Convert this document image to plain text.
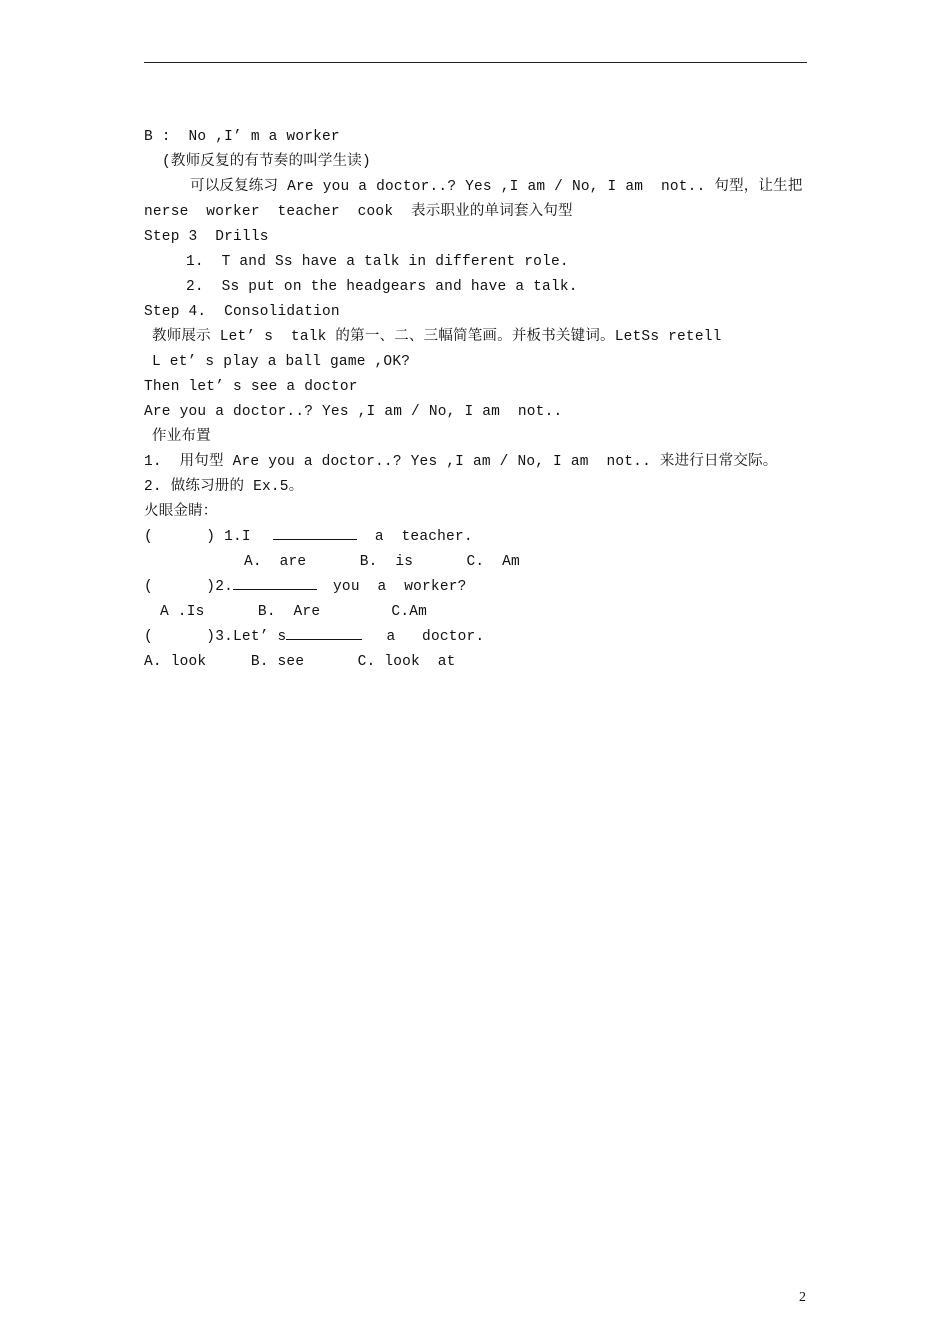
B :  No ,I’ m a worker
(教师反复的有节奏的叫学生读)
可以反复练习 Are you a doctor..? Yes ,I am / No, I am  not.. 句型，让生把
nerse  worker  teacher  cook  表示职业的单词套入句型
Step 3  Drills
1.  T and Ss have a talk in different role.
2.  Ss put on the headgears and have a talk.
Step 4.  Consolidation
教师展示 Let’ s  talk 的第一、二、三幅简笔画。并板书关键词。LetSs retell
L et’ s play a ball game ,OK?
Then let’ s see a doctor
Are you a doctor..? Yes ,I am / No, I am  not..
作业布置
1.  用句型 Are you a doctor..? Yes ,I am / No, I am  not.. 来进行日常交际。
2. 做练习册的 Ex.5。
火眼金睛：
(      ) 1.I	a  teacher.
A.  are      B.  is      C.  Am
(      )2.	you  a  worker?
A .Is      B.  Are        C.Am
(      )3.Let’ s	a   doctor.
A. look     B. see      C. look  at
2
